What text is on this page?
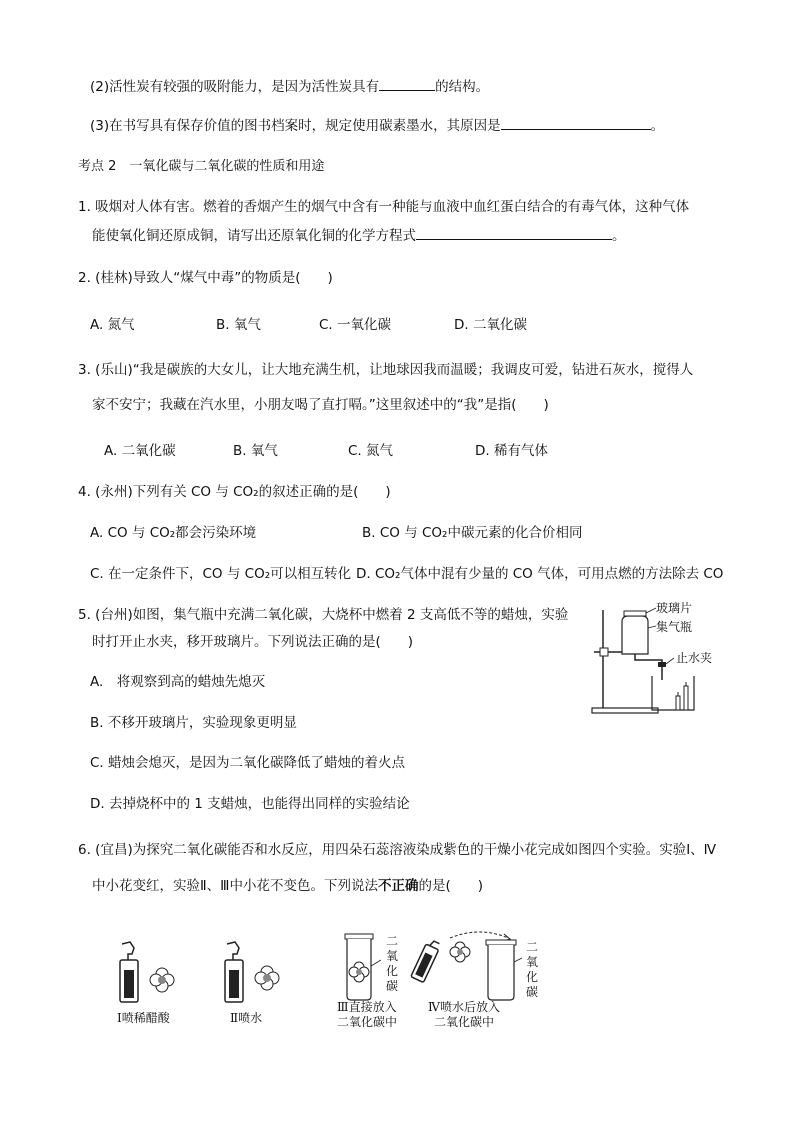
(2)活性炭有较强的吸附能力，是因为活性炭具有	的结构。
(3)在书写具有保存价值的图书档案时，规定使用碳素墨水，其原因是	。
考点 2　一氧化碳与二氧化碳的性质和用途
1. 吸烟对人体有害。燃着的香烟产生的烟气中含有一种能与血液中血红蛋白结合的有毒气体，这种气体
能使氧化铜还原成铜，请写出还原氧化铜的化学方程式	。
2. (桂林)导致人“煤气中毒”的物质是(　　)
A. 氮气	B. 氧气	C. 一氧化碳	D. 二氧化碳
3. (乐山)“我是碳族的大女儿，让大地充满生机，让地球因我而温暖；我调皮可爱，钻进石灰水，搅得人
家不安宁；我藏在汽水里，小朋友喝了直打嗝。”这里叙述中的“我”是指(　　)
A. 二氧化碳	B. 氧气	C. 氮气	D. 稀有气体
4. (永州)下列有关 CO 与 CO₂的叙述正确的是(　　)
A. CO 与 CO₂都会污染环境	B. CO 与 CO₂中碳元素的化合价相同
C. 在一定条件下，CO 与 CO₂可以相互转化 D. CO₂气体中混有少量的 CO 气体，可用点燃的方法除去 CO
5. (台州)如图，集气瓶中充满二氧化碳，大烧杯中燃着 2 支高低不等的蜡烛，实验
时打开止水夹，移开玻璃片。下列说法正确的是(　　)
A.　将观察到高的蜡烛先熄灭
B. 不移开玻璃片，实验现象更明显
C. 蜡烛会熄灭，是因为二氧化碳降低了蜡烛的着火点
D. 去掉烧杯中的 1 支蜡烛，也能得出同样的实验结论
玻璃片
集气瓶
止水夹
6. (宜昌)为探究二氧化碳能否和水反应，用四朵石蕊溶液染成紫色的干燥小花完成如图四个实验。实验Ⅰ、Ⅳ
中小花变红，实验Ⅱ、Ⅲ中小花不变色。下列说法不正确的是(　　)
二氧化碳
二氧化碳
Ⅰ喷稀醋酸	Ⅱ喷水
Ⅲ直接放入
二氧化碳中
Ⅳ喷水后放入
二氧化碳中
